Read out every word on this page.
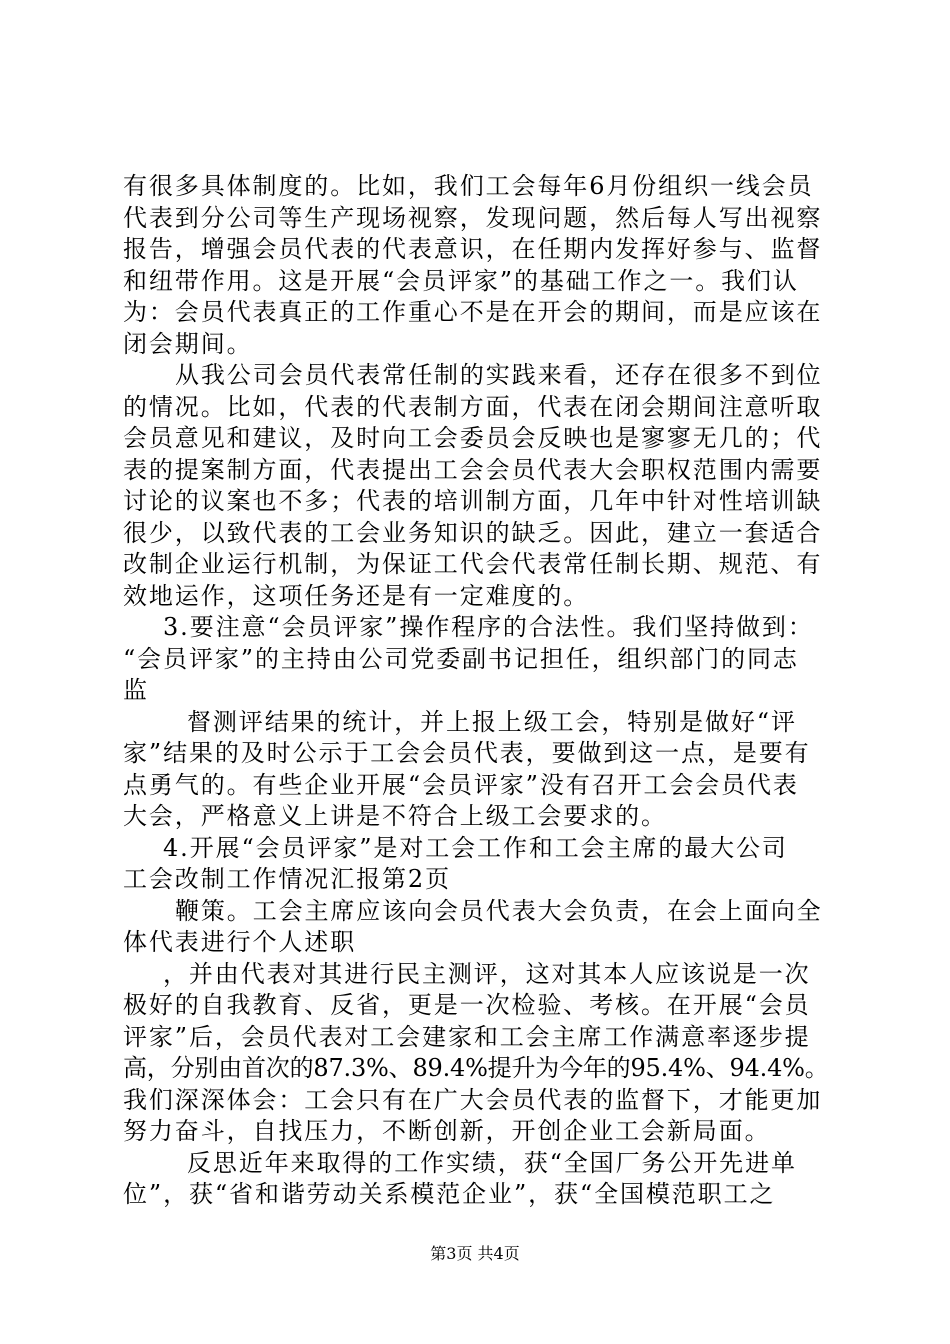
有很多具体制度的。比如，我们工会每年6月份组织一线会员
代表到分公司等生产现场视察，发现问题，然后每人写出视察
报告，增强会员代表的代表意识，在任期内发挥好参与、监督
和纽带作用。这是开展“会员评家”的基础工作之一。我们认
为：会员代表真正的工作重心不是在开会的期间，而是应该在
闭会期间。
从我公司会员代表常任制的实践来看，还存在很多不到位
的情况。比如，代表的代表制方面，代表在闭会期间注意听取
会员意见和建议，及时向工会委员会反映也是寥寥无几的；代
表的提案制方面，代表提出工会会员代表大会职权范围内需要
讨论的议案也不多；代表的培训制方面，几年中针对性培训缺
很少，以致代表的工会业务知识的缺乏。因此，建立一套适合
改制企业运行机制，为保证工代会代表常任制长期、规范、有
效地运作，这项任务还是有一定难度的。
3.要注意“会员评家”操作程序的合法性。我们坚持做到：
“会员评家”的主持由公司党委副书记担任，组织部门的同志
监
督测评结果的统计，并上报上级工会，特别是做好“评
家”结果的及时公示于工会会员代表，要做到这一点，是要有
点勇气的。有些企业开展“会员评家”没有召开工会会员代表
大会，严格意义上讲是不符合上级工会要求的。
4.开展“会员评家”是对工会工作和工会主席的最大公司
工会改制工作情况汇报第2页
鞭策。工会主席应该向会员代表大会负责，在会上面向全
体代表进行个人述职
，并由代表对其进行民主测评，这对其本人应该说是一次
极好的自我教育、反省，更是一次检验、考核。在开展“会员
评家”后，会员代表对工会建家和工会主席工作满意率逐步提
高，分别由首次的87.3%、89.4%提升为今年的95.4%、94.4%。
我们深深体会：工会只有在广大会员代表的监督下，才能更加
努力奋斗，自找压力，不断创新，开创企业工会新局面。
反思近年来取得的工作实绩，获“全国厂务公开先进单
位”，获“省和谐劳动关系模范企业”，获“全国模范职工之
第3页 共4页
